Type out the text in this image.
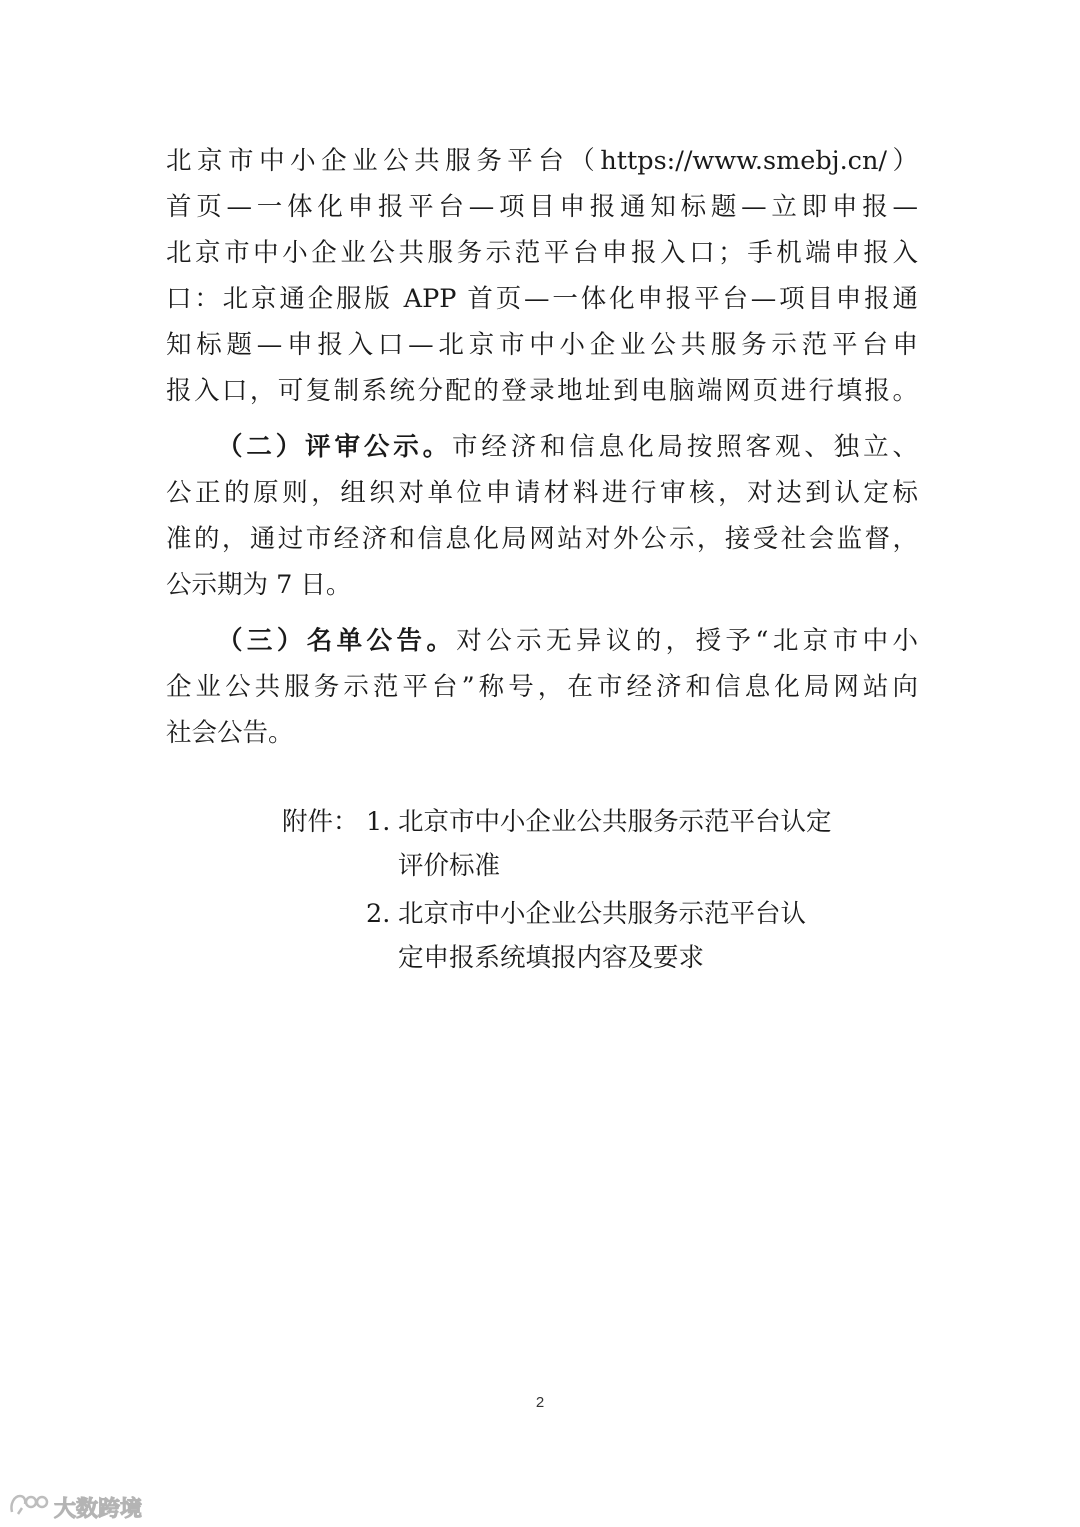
北京市中小企业公共服务平台（https://www.smebj.cn/）
首页—一体化申报平台—项目申报通知标题—立即申报—
北京市中小企业公共服务示范平台申报入口；手机端申报入
口：北京通企服版 APP 首页—一体化申报平台—项目申报通
知标题—申报入口—北京市中小企业公共服务示范平台申
报入口，可复制系统分配的登录地址到电脑端网页进行填报。
（二）评审公示。市经济和信息化局按照客观、独立、
公正的原则，组织对单位申请材料进行审核，对达到认定标
准的，通过市经济和信息化局网站对外公示，接受社会监督，
公示期为 7 日。
（三）名单公告。对公示无异议的，授予“北京市中小
企业公共服务示范平台”称号，在市经济和信息化局网站向
社会公告。
附件： 1. 北京市中小企业公共服务示范平台认定
评价标准
2. 北京市中小企业公共服务示范平台认
定申报系统填报内容及要求
2
大数跨境
